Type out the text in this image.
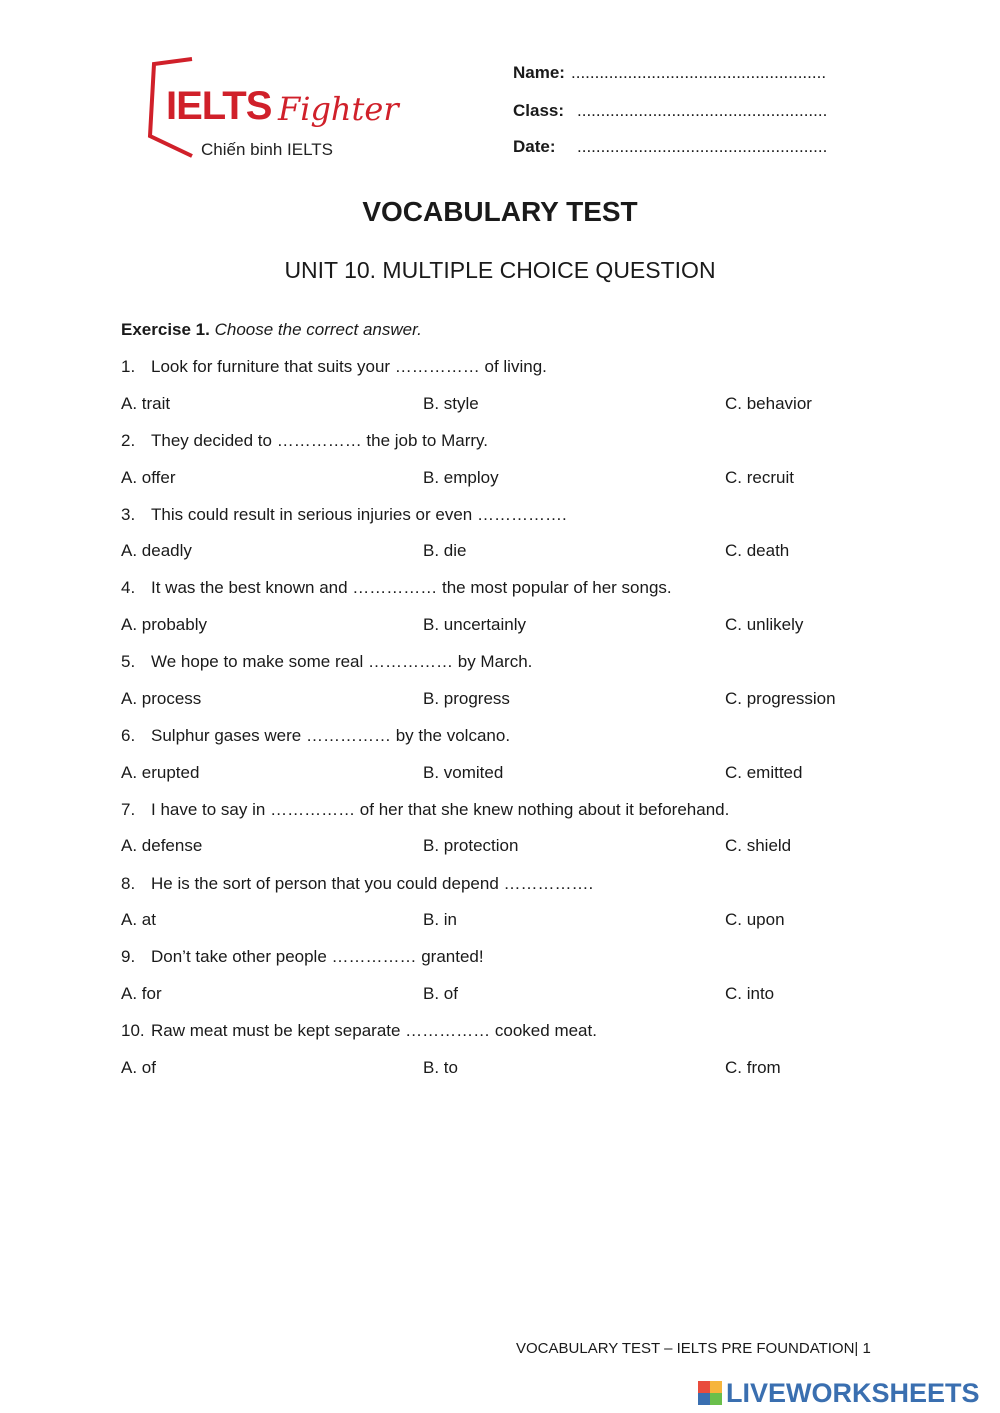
IELTS Fighter
Chiến binh IELTS
Name: ......................................................
Class: .....................................................
Date: .....................................................
VOCABULARY TEST
UNIT 10. MULTIPLE CHOICE QUESTION
Exercise 1. Choose the correct answer.
1. Look for furniture that suits your …………… of living.
A. trait	B. style	C. behavior
2. They decided to …………… the job to Marry.
A. offer	B. employ	C. recruit
3. This could result in serious injuries or even …………….
A. deadly	B. die	C. death
4. It was the best known and …………… the most popular of her songs.
A. probably	B. uncertainly	C. unlikely
5. We hope to make some real …………… by March.
A. process	B. progress	C. progression
6. Sulphur gases were …………… by the volcano.
A. erupted	B. vomited	C. emitted
7. I have to say in …………… of her that she knew nothing about it beforehand.
A. defense	B. protection	C. shield
8. He is the sort of person that you could depend …………….
A. at	B. in	C. upon
9. Don’t take other people …………… granted!
A. for	B. of	C. into
10. Raw meat must be kept separate …………… cooked meat.
A. of	B. to	C. from
VOCABULARY TEST – IELTS PRE FOUNDATION| 1
LIVEWORKSHEETS
